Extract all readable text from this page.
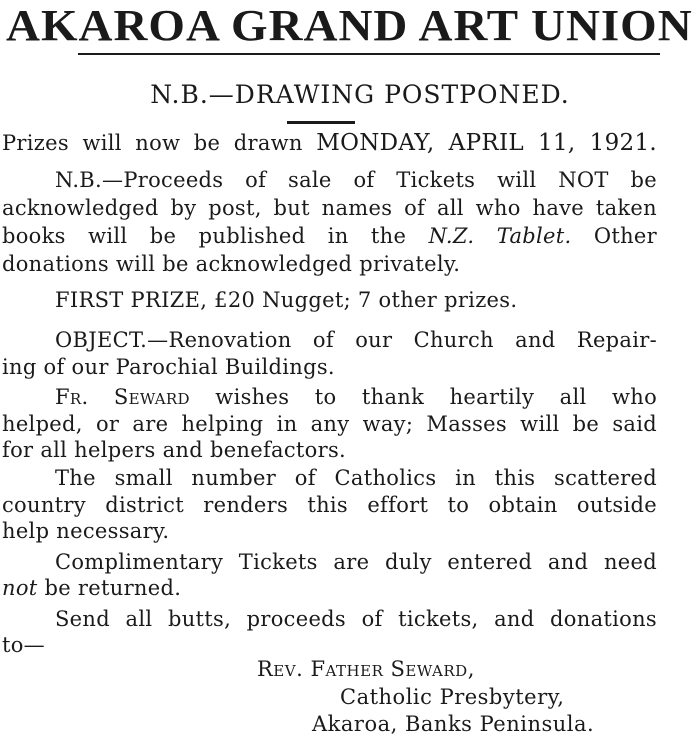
AKAROA GRAND ART UNION
N.B.—DRAWING POSTPONED.
Prizes will now be drawn MONDAY, APRIL 11, 1921.
N.B.—Proceeds of sale of Tickets will NOT be
acknowledged by post, but names of all who have taken
books will be published in the N.Z. Tablet. Other
donations will be acknowledged privately.
FIRST PRIZE, £20 Nugget; 7 other prizes.
OBJECT.—Renovation of our Church and Repair-
ing of our Parochial Buildings.
Fr. Seward wishes to thank heartily all who
helped, or are helping in any way; Masses will be said
for all helpers and benefactors.
The small number of Catholics in this scattered
country district renders this effort to obtain outside
help necessary.
Complimentary Tickets are duly entered and need
not be returned.
Send all butts, proceeds of tickets, and donations
to—
Rev. Father Seward,
Catholic Presbytery,
Akaroa, Banks Peninsula.
